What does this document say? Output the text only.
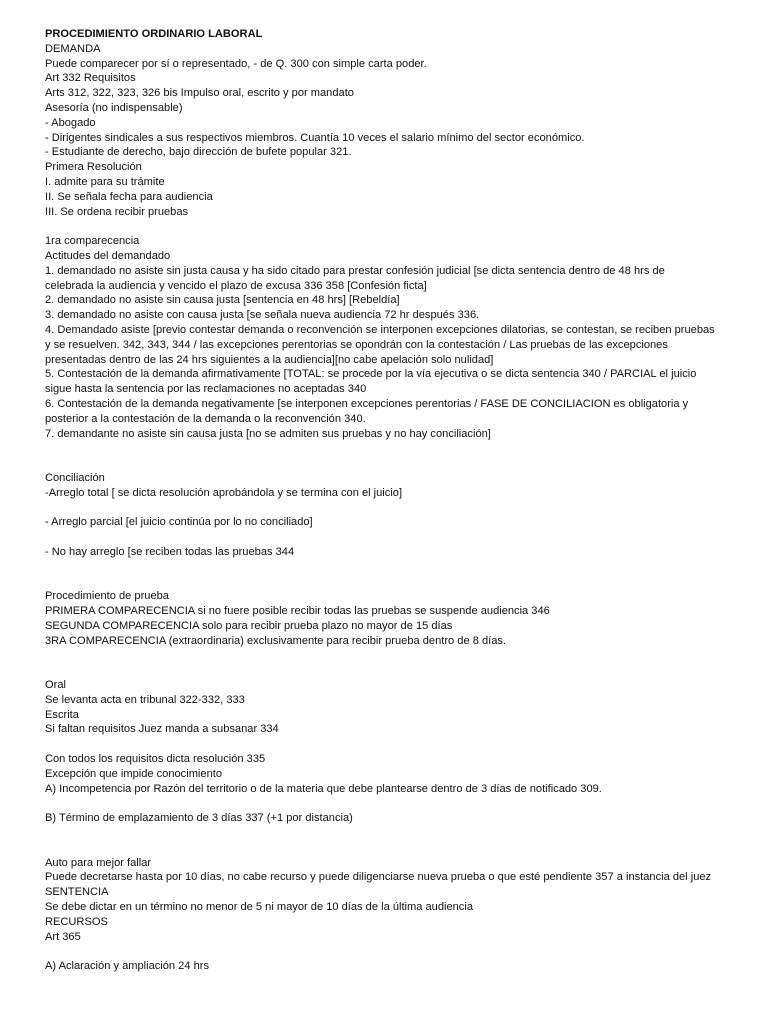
PROCEDIMIENTO ORDINARIO LABORAL
DEMANDA
Puede comparecer por sí o representado, - de Q. 300 con simple carta poder.
Art 332 Requisitos
Arts 312, 322, 323, 326 bis Impulso oral, escrito y por mandato
Asesoría (no indispensable)
- Abogado
- Dirigentes sindicales a sus respectivos miembros. Cuantía 10 veces el salario mínimo del sector económico.
- Estudiante de derecho, bajo dirección de bufete popular 321.
Primera Resolución
I. admite para su trámite
II. Se señala fecha para audiencia
III. Se ordena recibir pruebas
1ra comparecencia
Actitudes del demandado
1. demandado no asiste sin justa causa y ha sido citado para prestar confesión judicial [se dicta sentencia dentro de 48 hrs de
celebrada la audiencia y vencido el plazo de excusa 336 358 [Confesión ficta]
2. demandado no asiste sin causa justa [sentencia en 48 hrs] [Rebeldía]
3. demandado no asiste con causa justa [se señala nueva audiencia 72 hr después 336.
4. Demandado asiste [previo contestar demanda o reconvención se interponen excepciones dilatorias, se contestan, se reciben pruebas
y se resuelven. 342, 343, 344 / las excepciones perentorias se opondrán con la contestación / Las pruebas de las excepciones
presentadas dentro de las 24 hrs siguientes a la audiencia][no cabe apelación solo nulidad]
5. Contestación de la demanda afirmativamente [TOTAL: se procede por la vía ejecutiva o se dicta sentencia 340 / PARCIAL el juicio
sigue hasta la sentencia por las reclamaciones no aceptadas 340
6. Contestación de la demanda negativamente [se interponen excepciones perentorias / FASE DE CONCILIACION es obligatoria y
posterior a la contestación de la demanda o la reconvención 340.
7. demandante no asiste sin causa justa [no se admiten sus pruebas y no hay conciliación]
Conciliación
-Arreglo total [ se dicta resolución aprobándola y se termina con el juicio]
- Arreglo parcial [el juicio continúa por lo no conciliado]
- No hay arreglo [se reciben todas las pruebas 344
Procedimiento de prueba
PRIMERA COMPARECENCIA si no fuere posible recibir todas las pruebas se suspende audiencia 346
SEGUNDA COMPARECENCIA solo para recibir prueba plazo no mayor de 15 días
3RA COMPARECENCIA (extraordinaria) exclusivamente para recibir prueba dentro de 8 días.
Oral
Se levanta acta en tribunal 322-332, 333
Escrita
Si faltan requisitos Juez manda a subsanar 334
Con todos los requisitos dicta resolución 335
Excepción que impide conocimiento
A) Incompetencia por Razón del territorio o de la materia que debe plantearse dentro de 3 días de notificado 309.
B) Término de emplazamiento de 3 días 337 (+1 por distancia)
Auto para mejor fallar
Puede decretarse hasta por 10 días, no cabe recurso y puede diligenciarse nueva prueba o que esté pendiente 357 a instancia del juez
SENTENCIA
Se debe dictar en un término no menor de 5 ni mayor de 10 días de la última audiencia
RECURSOS
Art 365
A) Aclaración y ampliación 24 hrs
